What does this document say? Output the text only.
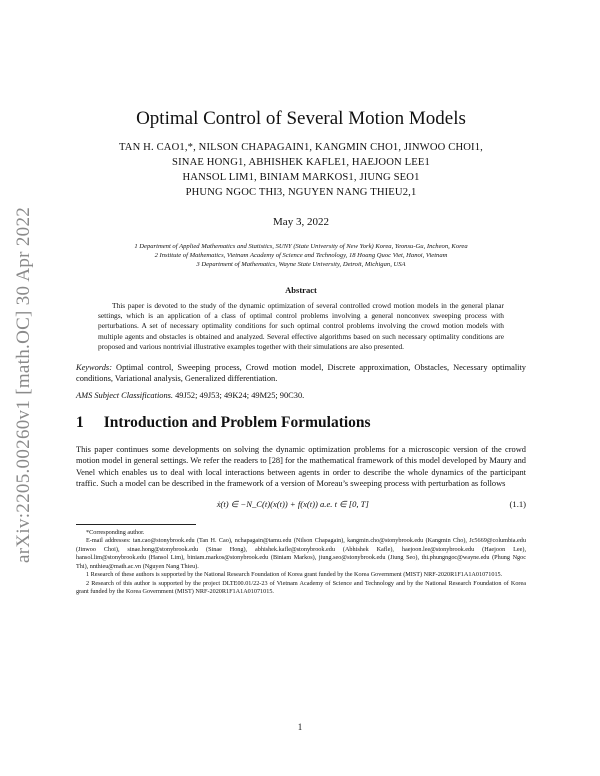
arXiv:2205.00260v1 [math.OC] 30 Apr 2022
Optimal Control of Several Motion Models
TAN H. CAO1,*, NILSON CHAPAGAIN1, KANGMIN CHO1, JINWOO CHOI1,
SINAE HONG1, ABHISHEK KAFLE1, HAEJOON LEE1
HANSOL LIM1, BINIAM MARKOS1, JIUNG SEO1
PHUNG NGOC THI3, NGUYEN NANG THIEU2,1
May 3, 2022
1 Department of Applied Mathematics and Statistics, SUNY (State University of New York) Korea, Yeonsu-Gu, Incheon, Korea
2 Institute of Mathematics, Vietnam Academy of Science and Technology, 18 Hoang Quoc Viet, Hanoi, Vietnam
3 Department of Mathematics, Wayne State University, Detroit, Michigan, USA
Abstract
This paper is devoted to the study of the dynamic optimization of several controlled crowd motion models in the general planar settings, which is an application of a class of optimal control problems involving a general nonconvex sweeping process with perturbations. A set of necessary optimality conditions for such optimal control problems involving the crowd motion models with multiple agents and obstacles is obtained and analyzed. Several effective algorithms based on such necessary optimality conditions are proposed and various nontrivial illustrative examples together with their simulations are also presented.
Keywords: Optimal control, Sweeping process, Crowd motion model, Discrete approximation, Obstacles, Necessary optimality conditions, Variational analysis, Generalized differentiation.
AMS Subject Classifications. 49J52; 49J53; 49K24; 49M25; 90C30.
1 Introduction and Problem Formulations
This paper continues some developments on solving the dynamic optimization problems for a microscopic version of the crowd motion model in general settings. We refer the readers to [28] for the mathematical framework of this model developed by Maury and Venel which enables us to deal with local interactions between agents in order to describe the whole dynamics of the participant traffic. Such a model can be described in the framework of a version of Moreau’s sweeping process with perturbation as follows
ẋ(t) ∈ −N_C(t)(x(t)) + f(x(t)) a.e. t ∈ [0, T]	(1.1)

*Corresponding author.

E-mail addresses: tan.cao@stonybrook.edu (Tan H. Cao), nchapagain@tamu.edu (Nilson Chapagain), kangmin.cho@stonybrook.edu (Kangmin Cho), Jc5669@columbia.edu (Jinwoo Choi), sinae.hong@stonybrook.edu (Sinae Hong), abhishek.kafle@stonybrook.edu (Abhishek Kafle), haejoon.lee@stonybrook.edu (Haejoon Lee), hansol.lim@stonybrook.edu (Hansol Lim), biniam.markos@stonybrook.edu (Biniam Markos), jiung.seo@stonybrook.edu (Jiung Seo), thi.phungngoc@wayne.edu (Phung Ngoc Thi), nnthieu@math.ac.vn (Nguyen Nang Thieu).

1 Research of these authors is supported by the National Research Foundation of Korea grant funded by the Korea Government (MIST) NRF-2020R1F1A1A01071015.

2 Research of this author is supported by the project DLTE00.01/22-23 of Vietnam Academy of Science and Technology and by the National Research Foundation of Korea grant funded by the Korea Government (MIST) NRF-2020R1F1A1A01071015.

1
